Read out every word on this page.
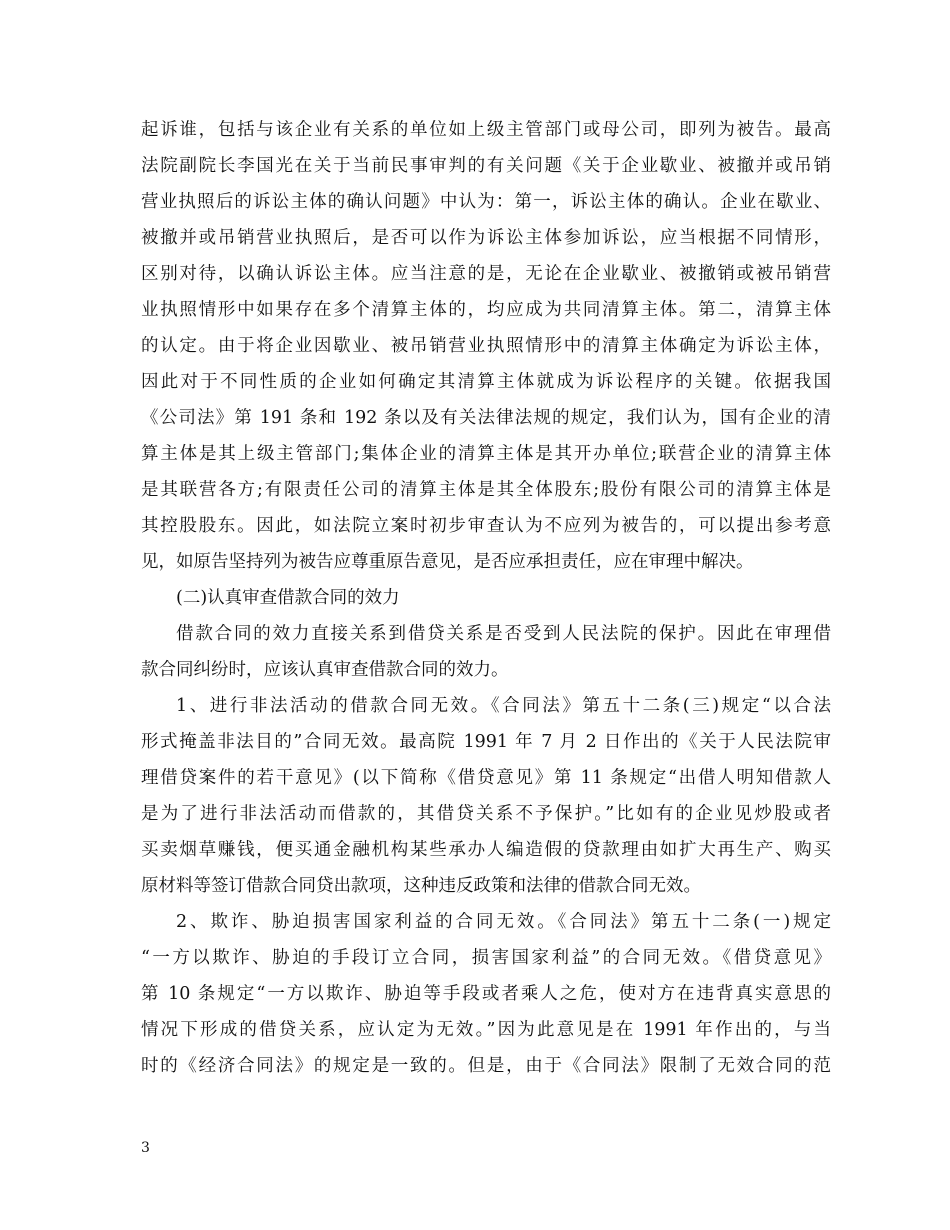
起诉谁，包括与该企业有关系的单位如上级主管部门或母公司，即列为被告。最高
法院副院长李国光在关于当前民事审判的有关问题《关于企业歇业、被撤并或吊销
营业执照后的诉讼主体的确认问题》中认为：第一，诉讼主体的确认。企业在歇业、
被撤并或吊销营业执照后，是否可以作为诉讼主体参加诉讼，应当根据不同情形，
区别对待，以确认诉讼主体。应当注意的是，无论在企业歇业、被撤销或被吊销营
业执照情形中如果存在多个清算主体的，均应成为共同清算主体。第二，清算主体
的认定。由于将企业因歇业、被吊销营业执照情形中的清算主体确定为诉讼主体，
因此对于不同性质的企业如何确定其清算主体就成为诉讼程序的关键。依据我国
《公司法》第 191 条和 192 条以及有关法律法规的规定，我们认为，国有企业的清
算主体是其上级主管部门;集体企业的清算主体是其开办单位;联营企业的清算主体
是其联营各方;有限责任公司的清算主体是其全体股东;股份有限公司的清算主体是
其控股股东。因此，如法院立案时初步审查认为不应列为被告的，可以提出参考意
见，如原告坚持列为被告应尊重原告意见，是否应承担责任，应在审理中解决。
(二)认真审查借款合同的效力
借款合同的效力直接关系到借贷关系是否受到人民法院的保护。因此在审理借
款合同纠纷时，应该认真审查借款合同的效力。
1、进行非法活动的借款合同无效。《合同法》第五十二条(三)规定“以合法
形式掩盖非法目的”合同无效。最高院 1991 年 7 月 2 日作出的《关于人民法院审
理借贷案件的若干意见》(以下简称《借贷意见》第 11 条规定“出借人明知借款人
是为了进行非法活动而借款的，其借贷关系不予保护。”比如有的企业见炒股或者
买卖烟草赚钱，便买通金融机构某些承办人编造假的贷款理由如扩大再生产、购买
原材料等签订借款合同贷出款项，这种违反政策和法律的借款合同无效。
2、欺诈、胁迫损害国家利益的合同无效。《合同法》第五十二条(一)规定
“一方以欺诈、胁迫的手段订立合同，损害国家利益”的合同无效。《借贷意见》
第 10 条规定“一方以欺诈、胁迫等手段或者乘人之危，使对方在违背真实意思的
情况下形成的借贷关系，应认定为无效。”因为此意见是在 1991 年作出的，与当
时的《经济合同法》的规定是一致的。但是，由于《合同法》限制了无效合同的范
3
